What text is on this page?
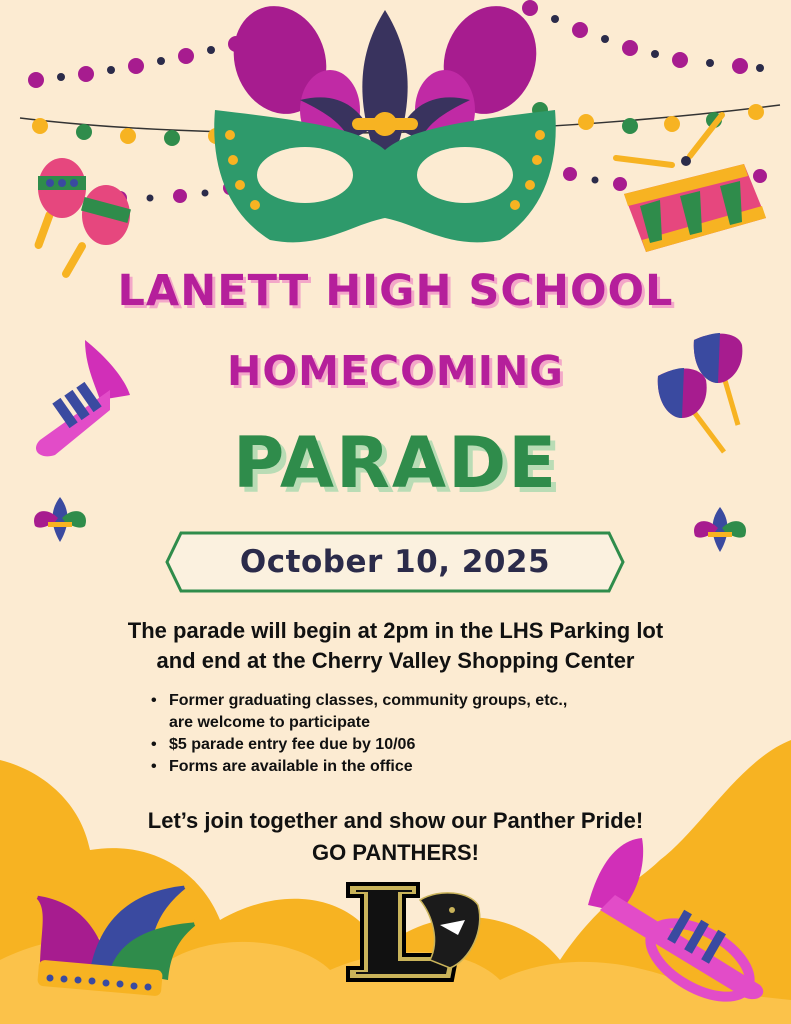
LANETT HIGH SCHOOL
HOMECOMING
PARADE
October 10, 2025
The parade will begin at 2pm in the LHS Parking lot
and end at the Cherry Valley Shopping Center
• Former graduating classes, community groups, etc.,
are welcome to participate
• $5 parade entry fee due by 10/06
• Forms are available in the office
Let’s join together and show our Panther Pride!
GO PANTHERS!
